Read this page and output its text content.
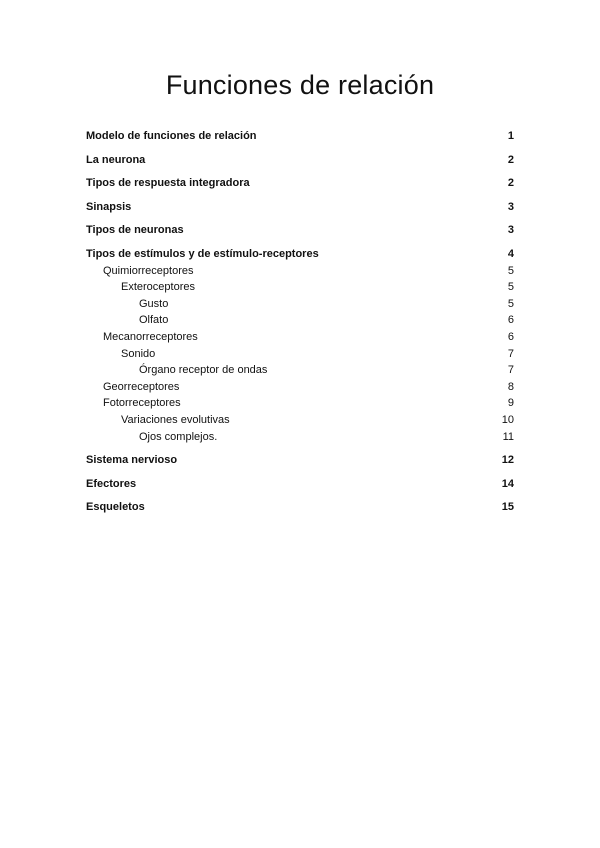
Funciones de relación
Modelo de funciones de relación	1
La neurona	2
Tipos de respuesta integradora	2
Sinapsis	3
Tipos de neuronas	3
Tipos de estímulos y de estímulo-receptores	4
Quimiorreceptores	5
Exteroceptores	5
Gusto	5
Olfato	6
Mecanorreceptores	6
Sonido	7
Órgano receptor de ondas	7
Georreceptores	8
Fotorreceptores	9
Variaciones evolutivas	10
Ojos complejos.	11
Sistema nervioso	12
Efectores	14
Esqueletos	15
